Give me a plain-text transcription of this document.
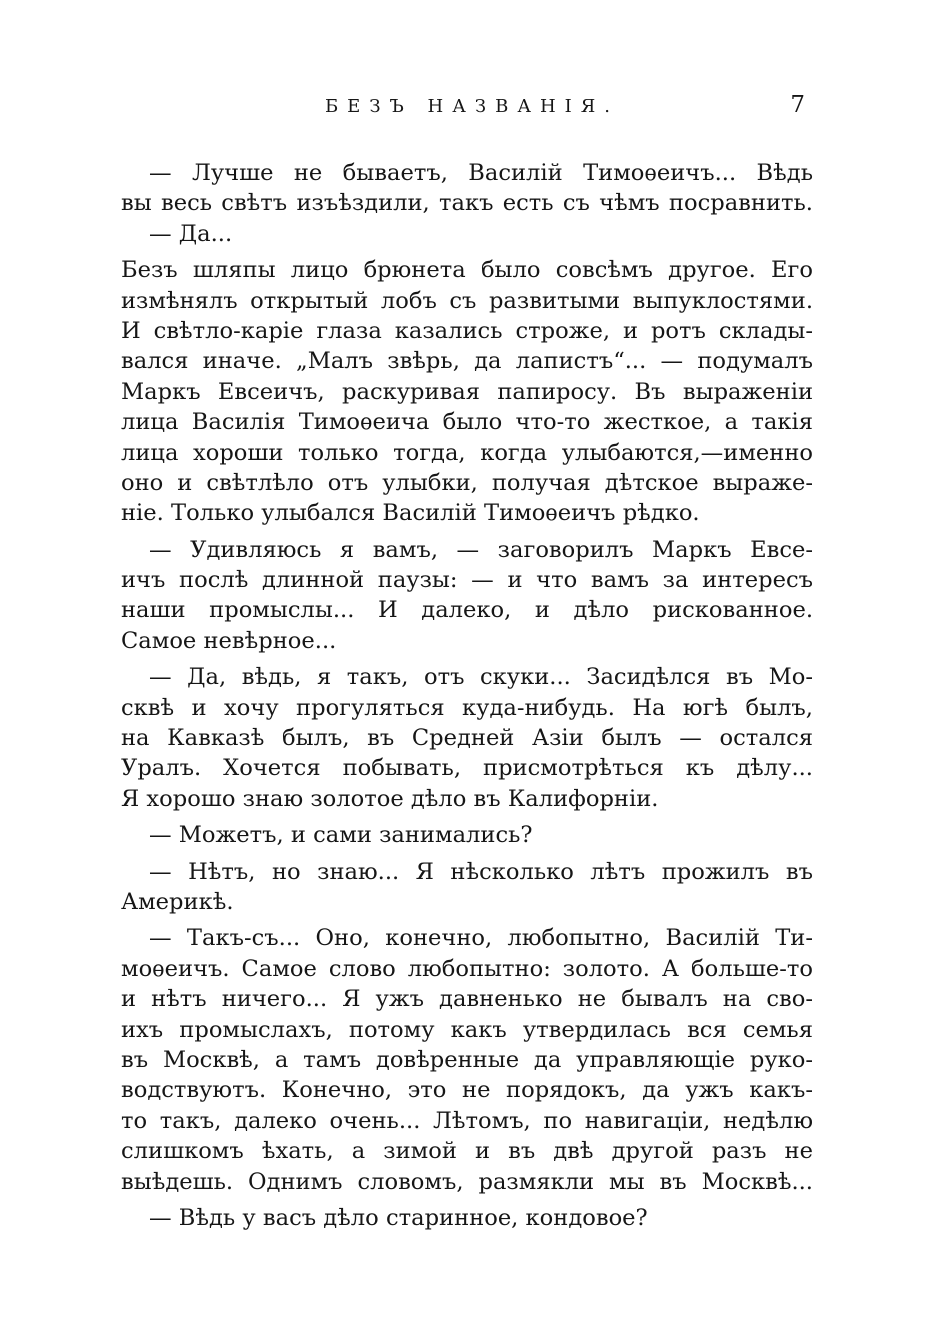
БЕЗЪ НАЗВАНІЯ.	7
— Лучше не бываетъ, Василій Тимоѳеичъ... Вѣдь
вы весь свѣтъ изъѣздили, такъ есть съ чѣмъ посравнить.
— Да...
Безъ шляпы лицо брюнета было совсѣмъ другое. Его
измѣнялъ открытый лобъ съ развитыми выпуклостями.
И свѣтло-каріе глаза казались строже, и ротъ склады-
вался иначе. „Малъ звѣрь, да лапистъ“... — подумалъ
Маркъ Евсеичъ, раскуривая папиросу. Въ выраженіи
лица Василія Тимоѳеича было что-то жесткое, а такія
лица хороши только тогда, когда улыбаются,—именно
оно и свѣтлѣло отъ улыбки, получая дѣтское выраже-
ніе. Только улыбался Василій Тимоѳеичъ рѣдко.
— Удивляюсь я вамъ, — заговорилъ Маркъ Евсе-
ичъ послѣ длинной паузы: — и что вамъ за интересъ
наши промыслы... И далеко, и дѣло рискованное.
Самое невѣрное...
— Да, вѣдь, я такъ, отъ скуки... Засидѣлся въ Мо-
сквѣ и хочу прогуляться куда-нибудь. На югѣ былъ,
на Кавказѣ былъ, въ Средней Азіи былъ — остался
Уралъ. Хочется побывать, присмотрѣться къ дѣлу...
Я хорошо знаю золотое дѣло въ Калифорніи.
— Можетъ, и сами занимались?
— Нѣтъ, но знаю... Я нѣсколько лѣтъ прожилъ въ
Америкѣ.
— Такъ-съ... Оно, конечно, любопытно, Василій Ти-
моѳеичъ. Самое слово любопытно: золото. А больше-то
и нѣтъ ничего... Я ужъ давненько не бывалъ на сво-
ихъ промыслахъ, потому какъ утвердилась вся семья
въ Москвѣ, а тамъ довѣренные да управляющіе руко-
водствуютъ. Конечно, это не порядокъ, да ужъ какъ-
то такъ, далеко очень... Лѣтомъ, по навигаціи, недѣлю
слишкомъ ѣхать, а зимой и въ двѣ другой разъ не
выѣдешь. Однимъ словомъ, размякли мы въ Москвѣ...
— Вѣдь у васъ дѣло старинное, кондовое?
